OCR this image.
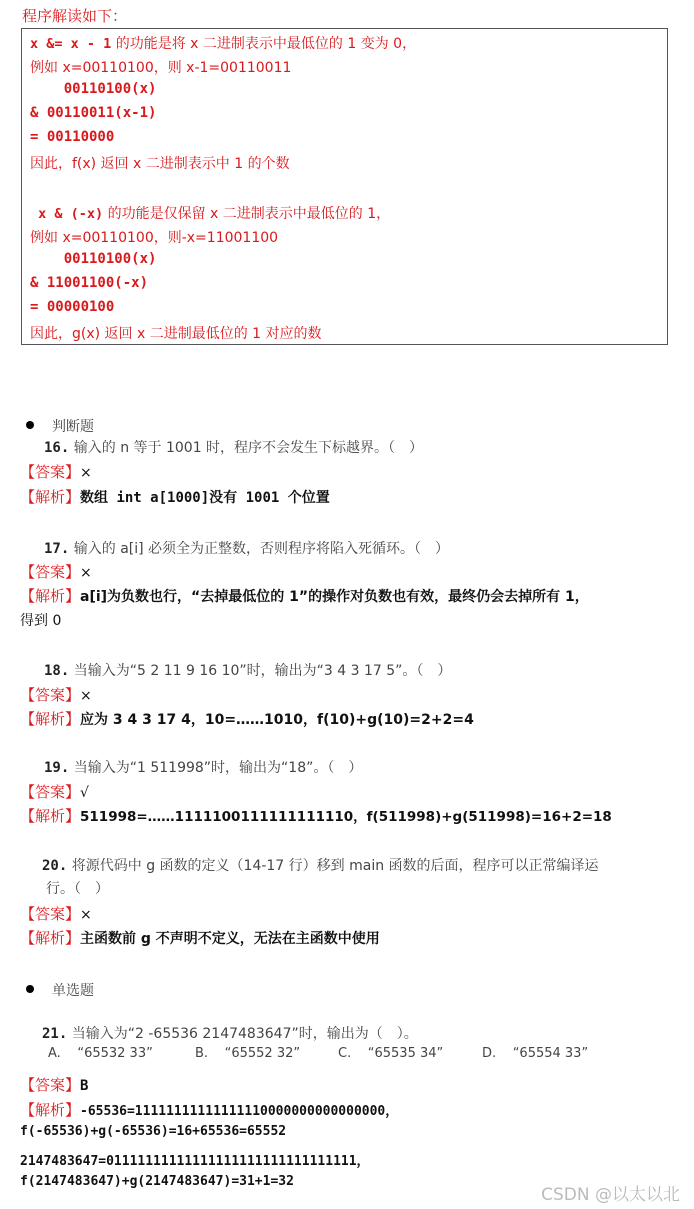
程序解读如下：
x &= x - 1 的功能是将 x 二进制表示中最低位的 1 变为 0，
例如 x=00110100，则 x-1=00110011
00110100(x)
& 00110011(x-1)
= 00110000
因此，f(x) 返回 x 二进制表示中 1 的个数
x & (-x) 的功能是仅保留 x 二进制表示中最低位的 1，
例如 x=00110100，则-x=11001100
00110100(x)
& 11001100(-x)
= 00000100
因此，g(x) 返回 x 二进制最低位的 1 对应的数
判断题
16. 输入的 n 等于 1001 时，程序不会发生下标越界。（　）
【答案】×
【解析】数组 int a[1000]没有 1001 个位置
17. 输入的 a[i] 必须全为正整数，否则程序将陷入死循环。（　）
【答案】×
【解析】a[i]为负数也行，“去掉最低位的 1”的操作对负数也有效，最终仍会去掉所有 1，
得到 0
18. 当输入为“5 2 11 9 16 10”时，输出为“3 4 3 17 5”。（　）
【答案】×
【解析】应为 3 4 3 17 4，10=……1010，f(10)+g(10)=2+2=4
19. 当输入为“1 511998”时，输出为“18”。（　）
【答案】√
【解析】511998=……1111100111111111110，f(511998)+g(511998)=16+2=18
20. 将源代码中 g 函数的定义（14-17 行）移到 main 函数的后面，程序可以正常编译运
行。（　）
【答案】×
【解析】主函数前 g 不声明不定义，无法在主函数中使用
单选题
21. 当输入为“2 -65536 2147483647”时，输出为（　）。
A. “65532 33”	B. “65552 32”	C. “65535 34”	D. “65554 33”
【答案】B
【解析】-65536=11111111111111110000000000000000，
f(-65536)+g(-65536)=16+65536=65552
2147483647=01111111111111111111111111111111，
f(2147483647)+g(2147483647)=31+1=32
CSDN @以太以北
